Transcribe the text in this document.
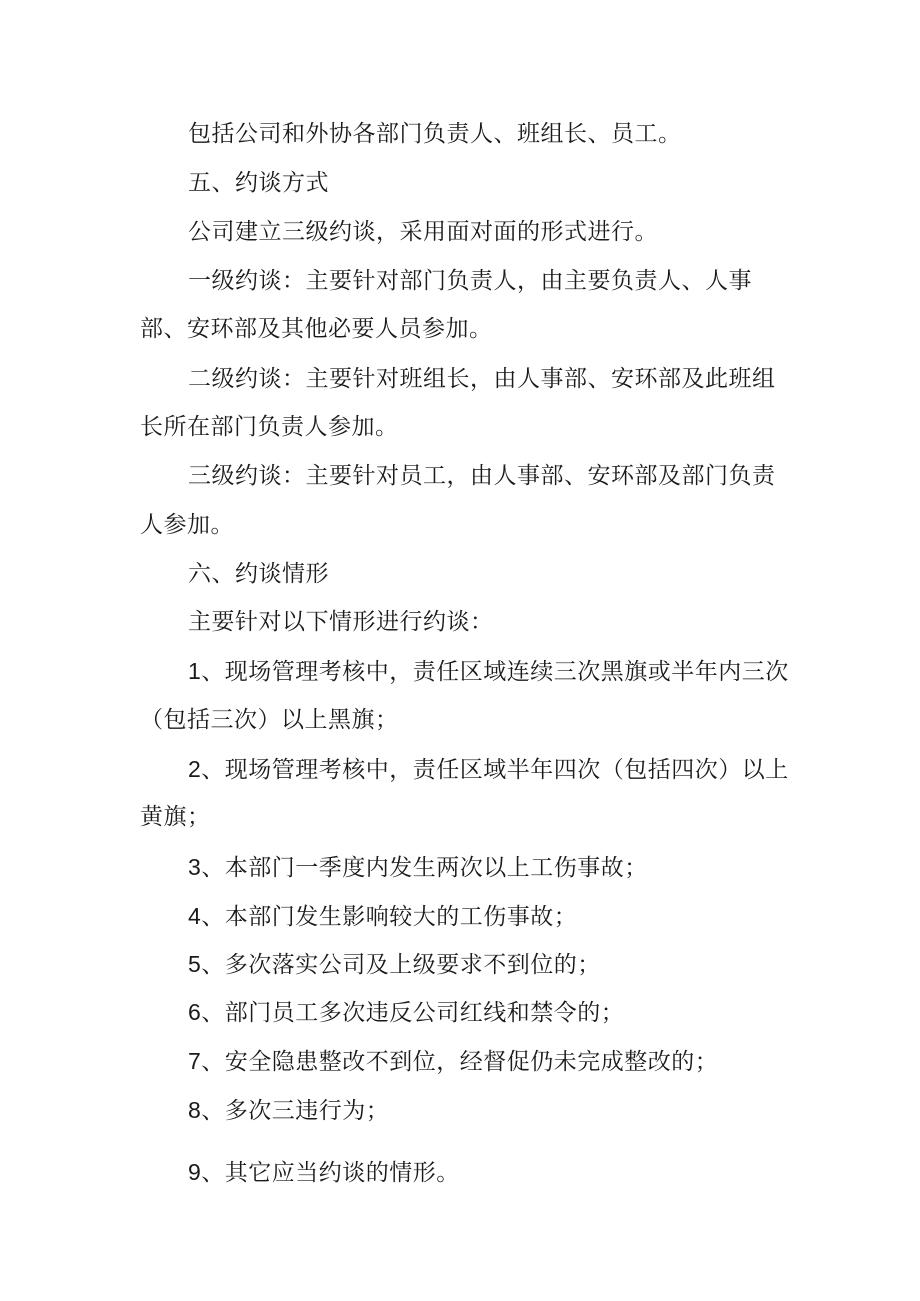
包括公司和外协各部门负责人、班组长、员工。
五、约谈方式
公司建立三级约谈，采用面对面的形式进行。
一级约谈：主要针对部门负责人，由主要负责人、人事
部、安环部及其他必要人员参加。
二级约谈：主要针对班组长，由人事部、安环部及此班组
长所在部门负责人参加。
三级约谈：主要针对员工，由人事部、安环部及部门负责
人参加。
六、约谈情形
主要针对以下情形进行约谈：
1、现场管理考核中，责任区域连续三次黑旗或半年内三次
（包括三次）以上黑旗；
2、现场管理考核中，责任区域半年四次（包括四次）以上
黄旗；
3、本部门一季度内发生两次以上工伤事故；
4、本部门发生影响较大的工伤事故；
5、多次落实公司及上级要求不到位的；
6、部门员工多次违反公司红线和禁令的；
7、安全隐患整改不到位，经督促仍未完成整改的；
8、多次三违行为；
9、其它应当约谈的情形。
